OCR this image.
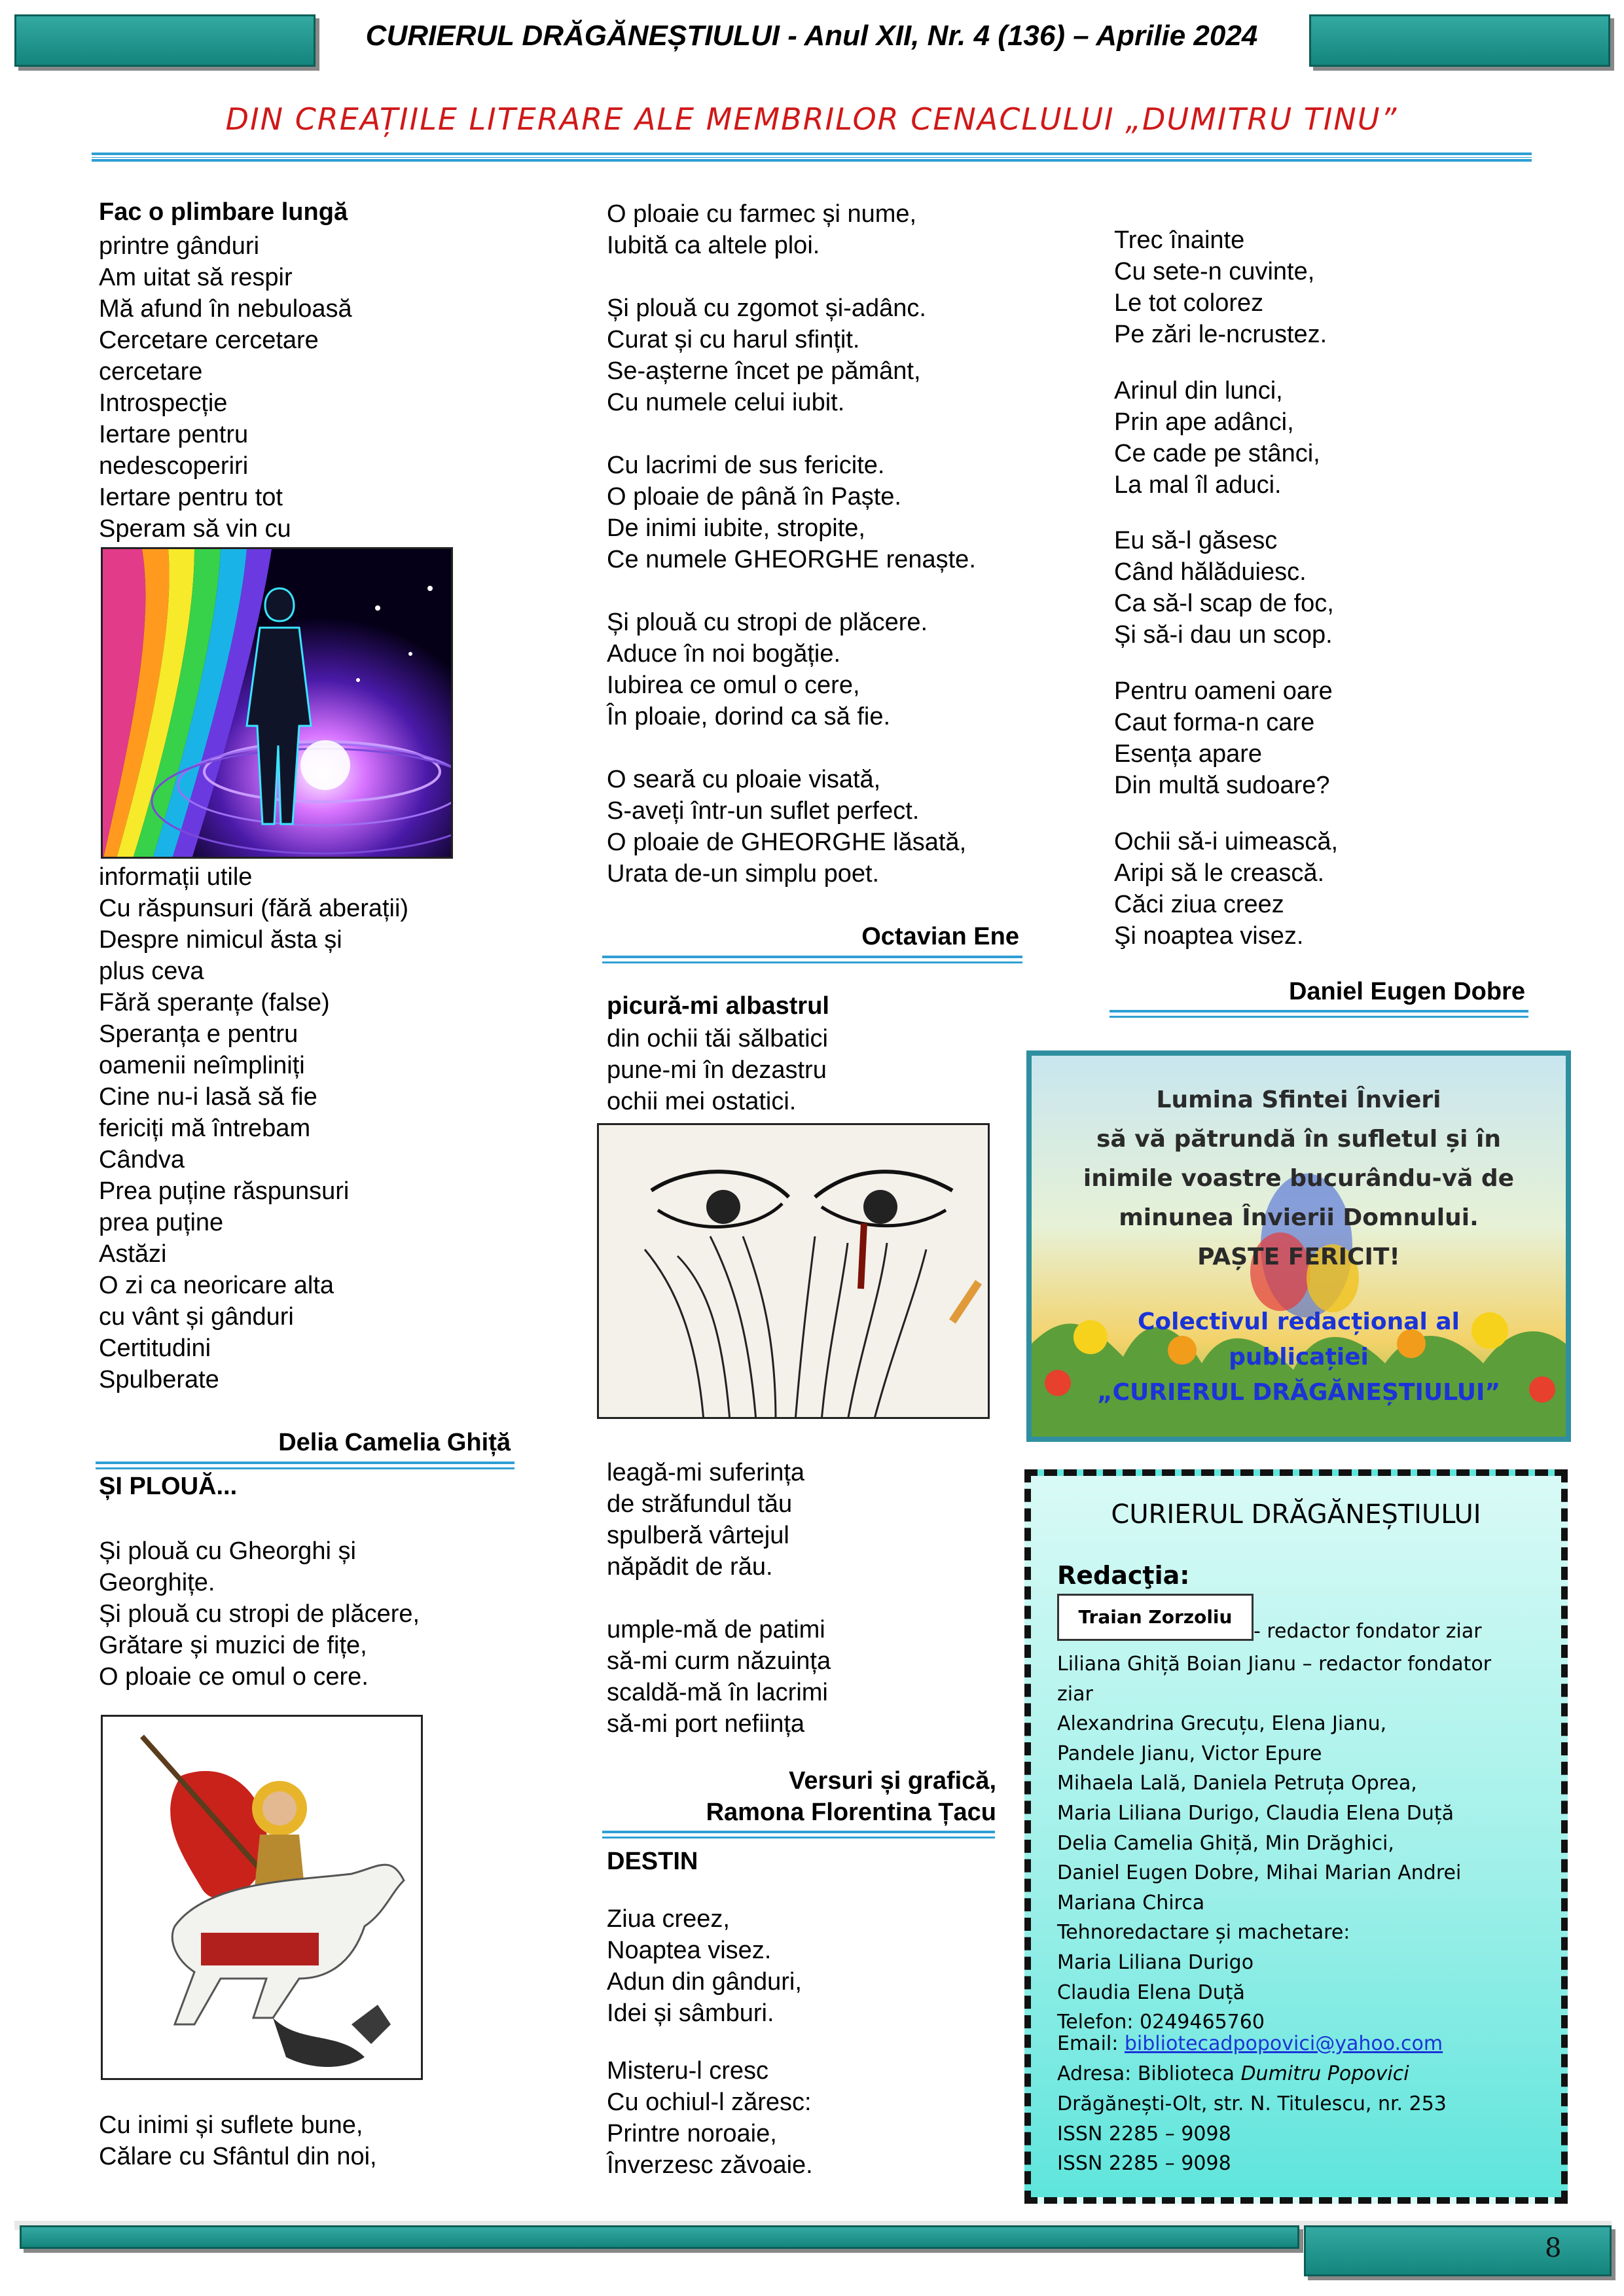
CURIERUL DRĂGĂNEȘTIULUI - Anul XII, Nr. 4 (136) – Aprilie 2024
DIN CREAȚIILE LITERARE ALE MEMBRILOR CENACLULUI „DUMITRU TINU”
Fac o plimbare lungă
printre gânduri
Am uitat să respir
Mă afund în nebuloasă
Cercetare cercetare
cercetare
Introspecție
Iertare pentru
nedescoperiri
Iertare pentru tot
Speram să vin cu
informații utile
Cu răspunsuri (fără aberații)
Despre nimicul ăsta și
plus ceva
Fără speranțe (false)
Speranța e pentru
oamenii neîmpliniți
Cine nu-i lasă să fie
fericiți mă întrebam
Cândva
Prea puține răspunsuri
prea puține
Astăzi
O zi ca neoricare alta
cu vânt și gânduri
Certitudini
Spulberate
Delia Camelia Ghiță
ȘI PLOUĂ...
Și plouă cu Gheorghi și
Georghițe.
Și plouă cu stropi de plăcere,
Grătare și muzici de fițe,
O ploaie ce omul o cere.
Cu inimi și suflete bune,
Călare cu Sfântul din noi,
O ploaie cu farmec și nume,
Iubită ca altele ploi.
Și plouă cu zgomot și-adânc.
Curat și cu harul sfințit.
Se-așterne încet pe pământ,
Cu numele celui iubit.
Cu lacrimi de sus fericite.
O ploaie de până în Paște.
De inimi iubite, stropite,
Ce numele GHEORGHE renaște.
Și plouă cu stropi de plăcere.
Aduce în noi bogăție.
Iubirea ce omul o cere,
În ploaie, dorind ca să fie.
O seară cu ploaie visată,
S-aveți într-un suflet perfect.
O ploaie de GHEORGHE lăsată,
Urata de-un simplu poet.
Octavian Ene
picură-mi albastrul
din ochii tăi sălbatici
pune-mi în dezastru
ochii mei ostatici.
leagă-mi suferința
de străfundul tău
spulberă vârtejul
năpădit de rău.
umple-mă de patimi
să-mi curm năzuința
scaldă-mă în lacrimi
să-mi port neființa
Versuri și grafică,
Ramona Florentina Țacu
DESTIN
Ziua creez,
Noaptea visez.
Adun din gânduri,
Idei și sâmburi.
Misteru-l cresc
Cu ochiul-l zăresc:
Printre noroaie,
Înverzesc zăvoaie.
Trec înainte
Cu sete-n cuvinte,
Le tot colorez
Pe zări le-ncrustez.
Arinul din lunci,
Prin ape adânci,
Ce cade pe stânci,
La mal îl aduci.
Eu să-l găsesc
Când hălăduiesc.
Ca să-l scap de foc,
Și să-i dau un scop.
Pentru oameni oare
Caut forma-n care
Esența apare
Din multă sudoare?
Ochii să-i uimească,
Aripi să le crească.
Căci ziua creez
Şi noaptea visez.
Daniel Eugen Dobre
Lumina Sfintei Învieri
să vă pătrundă în sufletul și în
inimile voastre bucurându-vă de
minunea Învierii Domnului.
PAȘTE FERICIT!
Colectivul redacțional al
publicației
„CURIERUL DRĂGĂNEȘTIULUI”
CURIERUL DRĂGĂNEȘTIULUI
Redacţia:
Traian Zorzoliu
- redactor fondator ziar
Liliana Ghiță Boian Jianu – redactor fondator
ziar
Alexandrina Grecuțu, Elena Jianu,
Pandele Jianu, Victor Epure
Mihaela Lală, Daniela Petruța Oprea,
Maria Liliana Durigo, Claudia Elena Duță
Delia Camelia Ghiță, Min Drăghici,
Daniel Eugen Dobre, Mihai Marian Andrei
Mariana Chirca
Tehnoredactare și machetare:
Maria Liliana Durigo
Claudia Elena Duță
Telefon: 0249465760
Email: bibliotecadpopovici@yahoo.com
Adresa: Biblioteca Dumitru Popovici
Drăgănești-Olt, str. N. Titulescu, nr. 253
ISSN 2285 – 9098
ISSN 2285 – 9098
8
